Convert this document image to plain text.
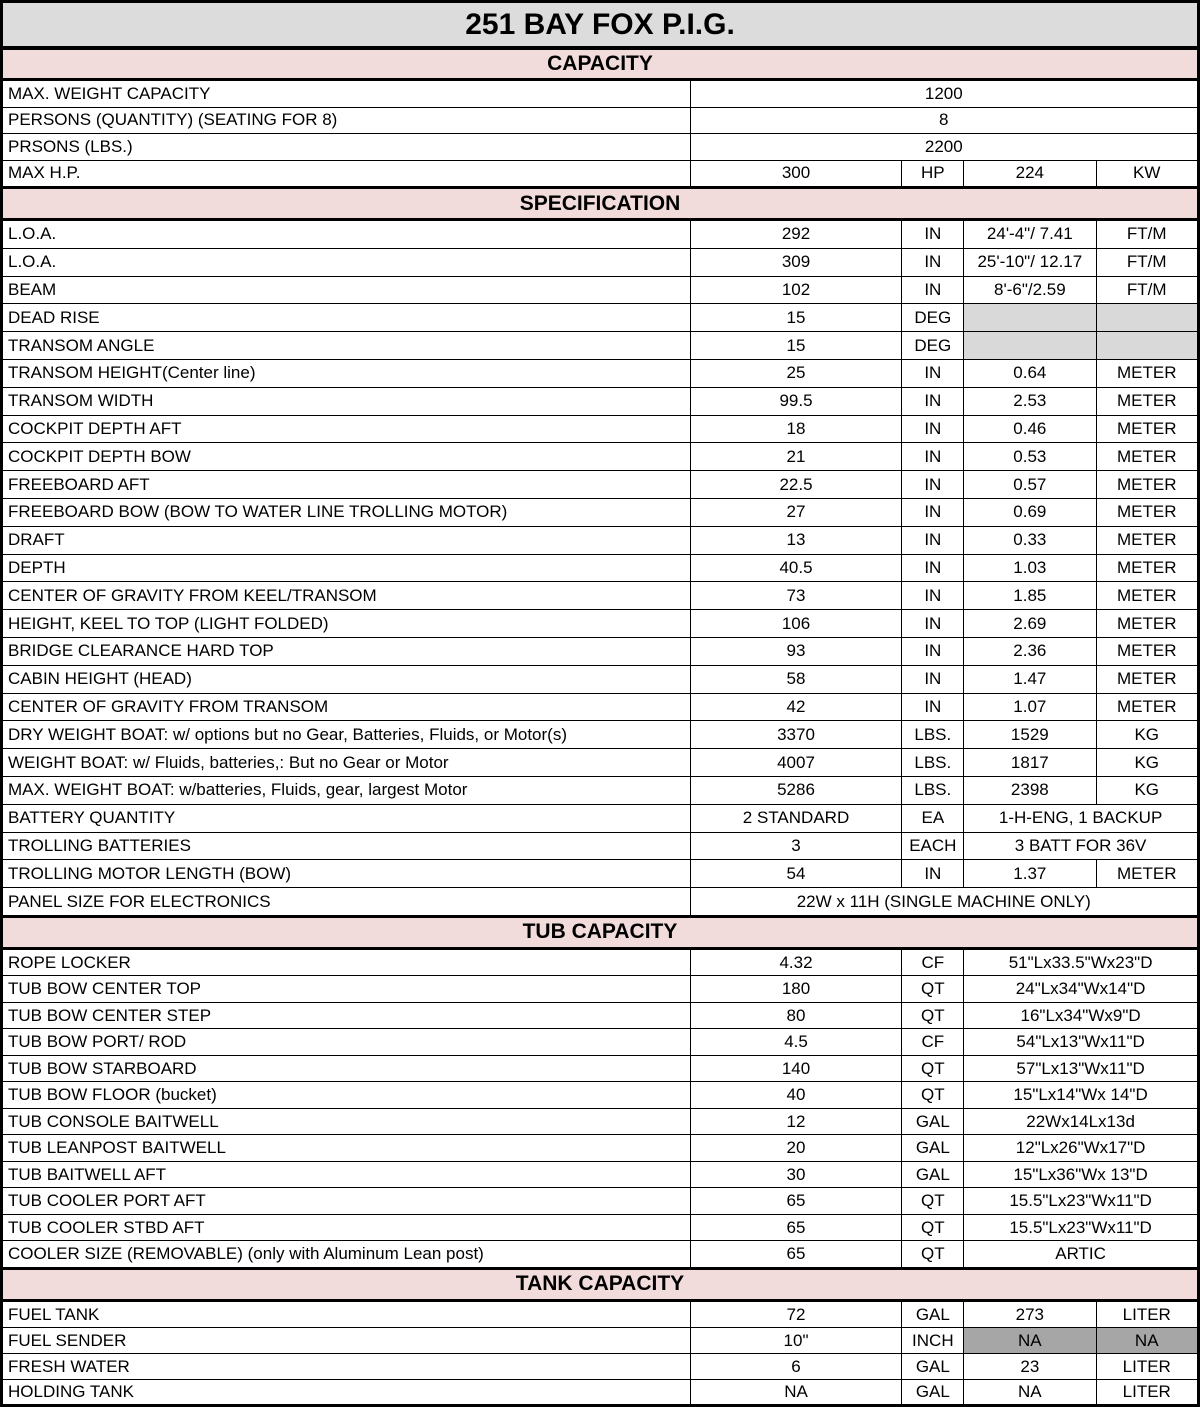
251 BAY FOX P.I.G.
CAPACITY
MAX. WEIGHT CAPACITY	1200
PERSONS (QUANTITY) (SEATING FOR 8)	8
PRSONS (LBS.)	2200
MAX H.P.	300	HP	224	KW
SPECIFICATION
L.O.A.	292	IN	24'-4"/ 7.41	FT/M
L.O.A.	309	IN	25'-10"/ 12.17	FT/M
BEAM	102	IN	8'-6"/2.59	FT/M
DEAD RISE	15	DEG
TRANSOM ANGLE	15	DEG
TRANSOM HEIGHT(Center line)	25	IN	0.64	METER
TRANSOM WIDTH	99.5	IN	2.53	METER
COCKPIT DEPTH AFT	18	IN	0.46	METER
COCKPIT DEPTH BOW	21	IN	0.53	METER
FREEBOARD AFT	22.5	IN	0.57	METER
FREEBOARD BOW (BOW TO WATER LINE TROLLING MOTOR)	27	IN	0.69	METER
DRAFT	13	IN	0.33	METER
DEPTH	40.5	IN	1.03	METER
CENTER OF GRAVITY FROM KEEL/TRANSOM	73	IN	1.85	METER
HEIGHT, KEEL TO TOP (LIGHT FOLDED)	106	IN	2.69	METER
BRIDGE CLEARANCE HARD TOP	93	IN	2.36	METER
CABIN HEIGHT (HEAD)	58	IN	1.47	METER
CENTER OF GRAVITY FROM TRANSOM	42	IN	1.07	METER
DRY WEIGHT BOAT: w/ options but no Gear, Batteries, Fluids, or Motor(s)	3370	LBS.	1529	KG
WEIGHT BOAT: w/ Fluids, batteries,: But no Gear or Motor	4007	LBS.	1817	KG
MAX. WEIGHT BOAT: w/batteries, Fluids, gear, largest Motor	5286	LBS.	2398	KG
BATTERY QUANTITY	2 STANDARD	EA	1-H-ENG, 1 BACKUP
TROLLING BATTERIES	3	EACH	3 BATT FOR 36V
TROLLING MOTOR LENGTH (BOW)	54	IN	1.37	METER
PANEL SIZE FOR ELECTRONICS	22W x 11H (SINGLE MACHINE ONLY)
TUB CAPACITY
ROPE LOCKER	4.32	CF	51"Lx33.5"Wx23"D
TUB BOW CENTER TOP	180	QT	24"Lx34"Wx14"D
TUB BOW CENTER STEP	80	QT	16"Lx34"Wx9"D
TUB BOW PORT/ ROD	4.5	CF	54"Lx13"Wx11"D
TUB BOW STARBOARD	140	QT	57"Lx13"Wx11"D
TUB BOW FLOOR (bucket)	40	QT	15"Lx14"Wx 14"D
TUB CONSOLE BAITWELL	12	GAL	22Wx14Lx13d
TUB LEANPOST BAITWELL	20	GAL	12"Lx26"Wx17"D
TUB BAITWELL AFT	30	GAL	15"Lx36"Wx 13"D
TUB COOLER PORT AFT	65	QT	15.5"Lx23"Wx11"D
TUB COOLER STBD AFT	65	QT	15.5"Lx23"Wx11"D
COOLER SIZE (REMOVABLE) (only with Aluminum Lean post)	65	QT	ARTIC
TANK CAPACITY
FUEL TANK	72	GAL	273	LITER
FUEL SENDER	10"	INCH	NA	NA
FRESH WATER	6	GAL	23	LITER
HOLDING TANK	NA	GAL	NA	LITER
